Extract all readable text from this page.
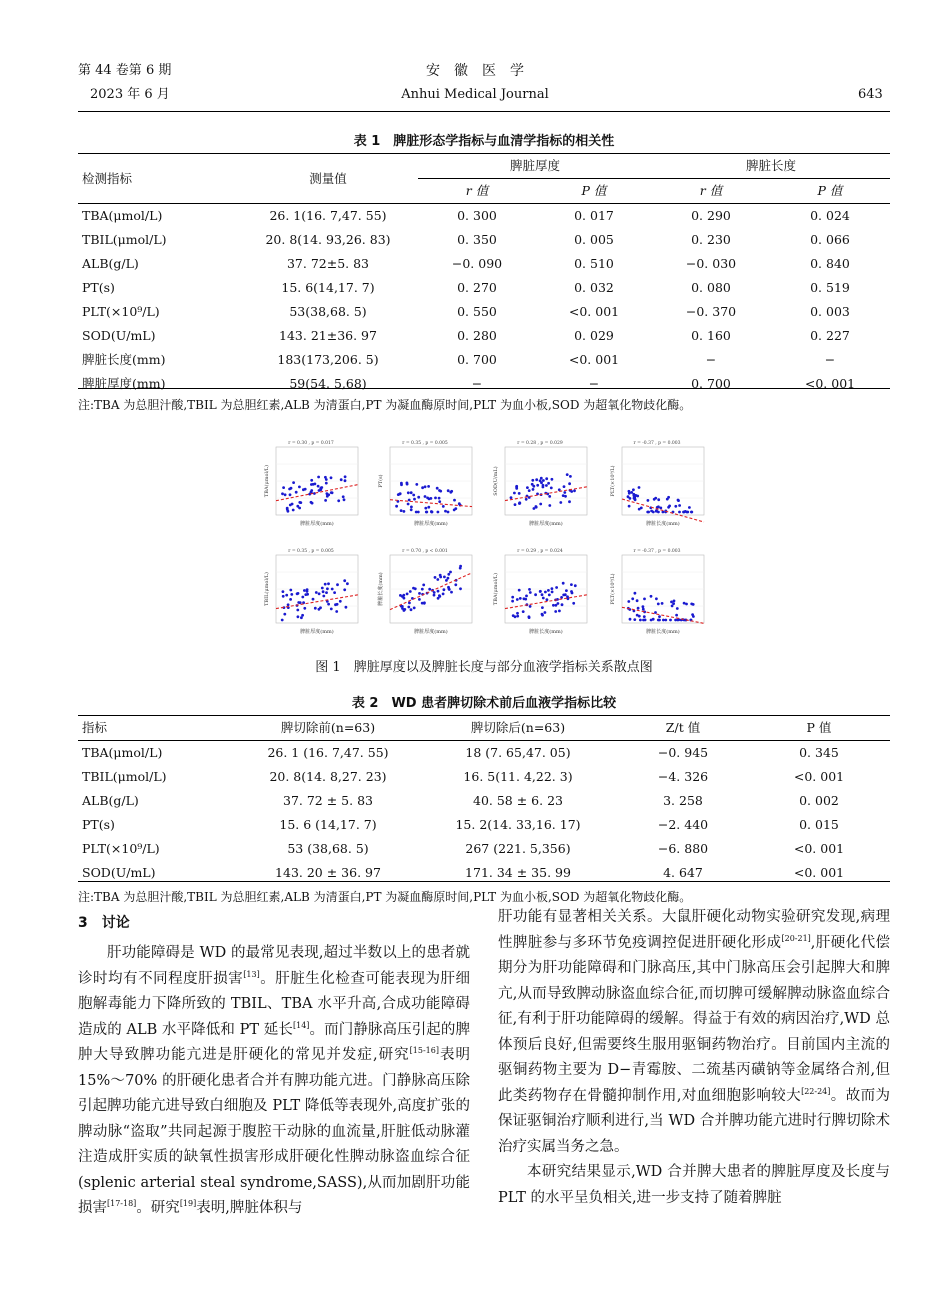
第 44 卷第 6 期
2023 年 6 月
安　徽　医　学
Anhui Medical Journal	643
表 1　脾脏形态学指标与血清学指标的相关性
检测指标	测量值	脾脏厚度		脾脏长度	
		r 值	P 值	r 值	P 值
TBA(μmol/L)	26. 1(16. 7,47. 55)	0. 300	0. 017	0. 290	0. 024
TBIL(μmol/L)	20. 8(14. 93,26. 83)	0. 350	0. 005	0. 230	0. 066
ALB(g/L)	37. 72±5. 83	−0. 090	0. 510	−0. 030	0. 840
PT(s)	15. 6(14,17. 7)	0. 270	0. 032	0. 080	0. 519
PLT(×10⁹/L)	53(38,68. 5)	0. 550	<0. 001	−0. 370	0. 003
SOD(U/mL)	143. 21±36. 97	0. 280	0. 029	0. 160	0. 227
脾脏长度(mm)	183(173,206. 5)	0. 700	<0. 001	−	−
脾脏厚度(mm)	59(54. 5,68)	−	−	0. 700	<0. 001
注:TBA 为总胆汁酸,TBIL 为总胆红素,ALB 为清蛋白,PT 为凝血酶原时间,PLT 为血小板,SOD 为超氧化物歧化酶。
r = 0.30 , p = 0.017
脾脏厚度(mm)
TBA(μmol/L)
r = 0.35 , p = 0.005
脾脏厚度(mm)
PT(s)
r = 0.28 , p = 0.029
脾脏厚度(mm)
SOD(U/mL)
r = -0.37 , p = 0.003
脾脏长度(mm)
PLT(×10⁹/L)
r = 0.35 , p = 0.005
脾脏厚度(mm)
TBIL(μmol/L)
r = 0.70 , p < 0.001
脾脏厚度(mm)
脾脏长度(mm)
r = 0.29 , p = 0.024
脾脏长度(mm)
TBA(μmol/L)
r = -0.37 , p = 0.003
脾脏长度(mm)
PLT(×10⁹/L)
图 1　脾脏厚度以及脾脏长度与部分血液学指标关系散点图
表 2　WD 患者脾切除术前后血液学指标比较
指标	脾切除前(n=63)	脾切除后(n=63)	Z/t 值	P 值
TBA(μmol/L)	26. 1 (16. 7,47. 55)	18 (7. 65,47. 05)	−0. 945	0. 345
TBIL(μmol/L)	20. 8(14. 8,27. 23)	16. 5(11. 4,22. 3)	−4. 326	<0. 001
ALB(g/L)	37. 72 ± 5. 83	40. 58 ± 6. 23	3. 258	0. 002
PT(s)	15. 6 (14,17. 7)	15. 2(14. 33,16. 17)	−2. 440	0. 015
PLT(×10⁹/L)	53 (38,68. 5)	267 (221. 5,356)	−6. 880	<0. 001
SOD(U/mL)	143. 20 ± 36. 97	171. 34 ± 35. 99	4. 647	<0. 001
注:TBA 为总胆汁酸,TBIL 为总胆红素,ALB 为清蛋白,PT 为凝血酶原时间,PLT 为血小板,SOD 为超氧化物歧化酶。
3　讨论

肝功能障碍是 WD 的最常见表现,超过半数以上的患者就诊时均有不同程度肝损害[13]。肝脏生化检查可能表现为肝细胞解毒能力下降所致的 TBIL、TBA 水平升高,合成功能障碍造成的 ALB 水平降低和 PT 延长[14]。而门静脉高压引起的脾肿大导致脾功能亢进是肝硬化的常见并发症,研究[15-16]表明 15%～70% 的肝硬化患者合并有脾功能亢进。门静脉高压除引起脾功能亢进导致白细胞及 PLT 降低等表现外,高度扩张的脾动脉“盗取”共同起源于腹腔干动脉的血流量,肝脏低动脉灌注造成肝实质的缺氧性损害形成肝硬化性脾动脉盗血综合征(splenic arterial steal syndrome,SASS),从而加剧肝功能损害[17-18]。研究[19]表明,脾脏体积与

肝功能有显著相关关系。大鼠肝硬化动物实验研究发现,病理性脾脏参与多环节免疫调控促进肝硬化形成[20-21],肝硬化代偿期分为肝功能障碍和门脉高压,其中门脉高压会引起脾大和脾亢,从而导致脾动脉盗血综合征,而切脾可缓解脾动脉盗血综合征,有利于肝功能障碍的缓解。得益于有效的病因治疗,WD 总体预后良好,但需要终生服用驱铜药物治疗。目前国内主流的驱铜药物主要为 D−青霉胺、二巯基丙磺钠等金属络合剂,但此类药物存在骨髓抑制作用,对血细胞影响较大[22-24]。故而为保证驱铜治疗顺利进行,当 WD 合并脾功能亢进时行脾切除术治疗实属当务之急。

本研究结果显示,WD 合并脾大患者的脾脏厚度及长度与 PLT 的水平呈负相关,进一步支持了随着脾脏
